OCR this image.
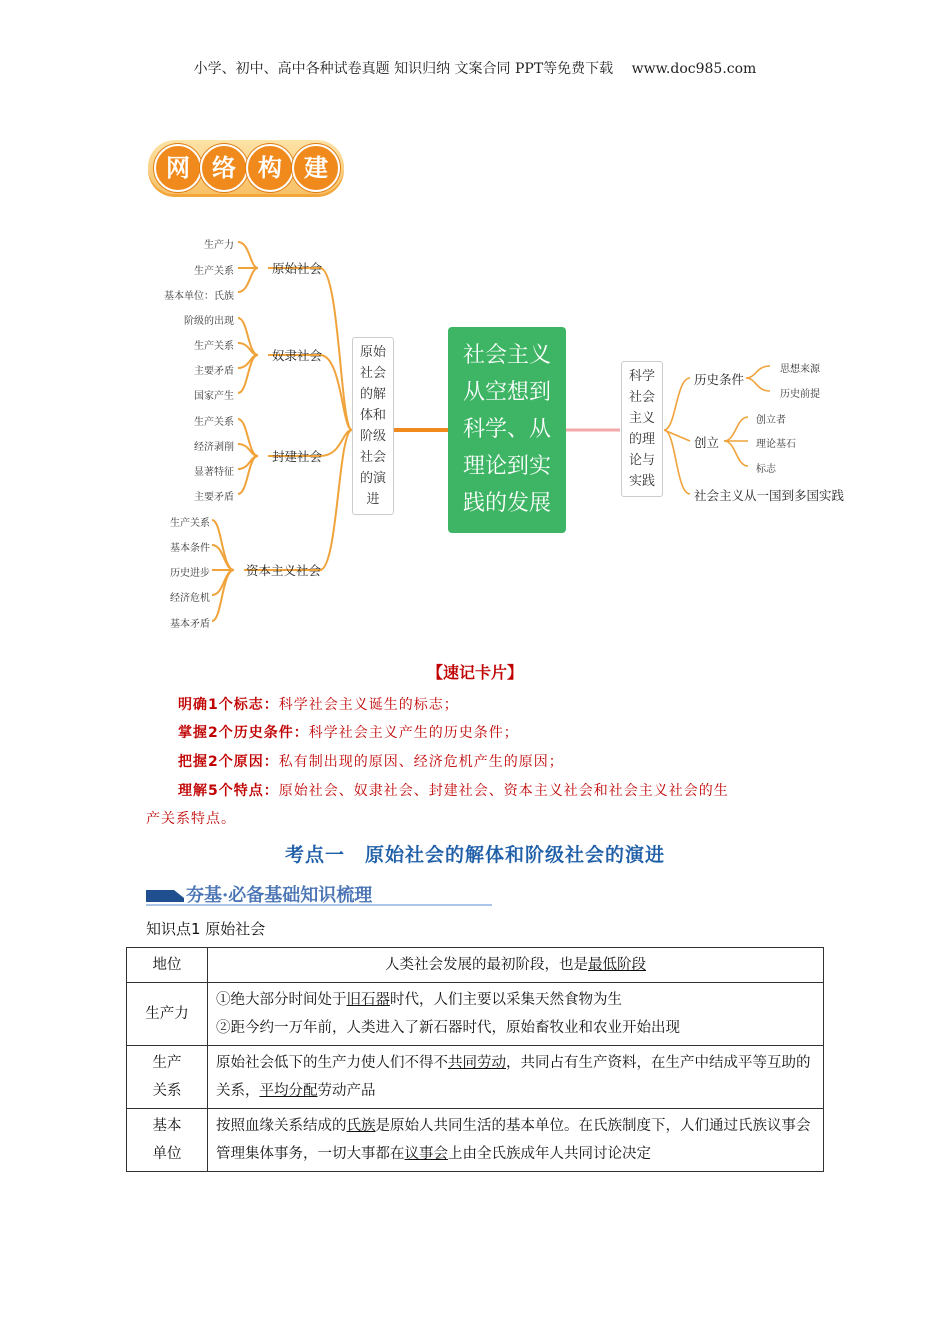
小学、初中、高中各种试卷真题 知识归纳 文案合同 PPT等免费下载　 www.doc985.com
网 络 构 建
生产力
生产关系
基本单位：氏族
原始社会
阶级的出现
生产关系
主要矛盾
国家产生
奴隶社会
生产关系
经济剥削
显著特征
主要矛盾
封建社会
生产关系
基本条件
历史进步
经济危机
基本矛盾
资本主义社会
原始
社会
的解
体和
阶级
社会
的演
进
社会主义
从空想到
科学、从
理论到实
践的发展
科学
社会
主义
的理
论与
实践
历史条件
思想来源
历史前提
创立
创立者
理论基石
标志
社会主义从一国到多国实践
【速记卡片】
明确1个标志：科学社会主义诞生的标志；
掌握2个历史条件：科学社会主义产生的历史条件；
把握2个原因：私有制出现的原因、经济危机产生的原因；
理解5个特点：原始社会、奴隶社会、封建社会、资本主义社会和社会主义社会的生
产关系特点。
考点一　原始社会的解体和阶级社会的演进
夯基·必备基础知识梳理
知识点1 原始社会
地位	人类社会发展的最初阶段，也是最低阶段
生产力	①绝大部分时间处于旧石器时代，人们主要以采集天然食物为生
②距今约一万年前，人类进入了新石器时代，原始畜牧业和农业开始出现
生产
关系	原始社会低下的生产力使人们不得不共同劳动，共同占有生产资料，在生产中结成平等互助的关系，平均分配劳动产品
基本
单位	按照血缘关系结成的氏族是原始人共同生活的基本单位。在氏族制度下，人们通过氏族议事会管理集体事务，一切大事都在议事会上由全氏族成年人共同讨论决定
